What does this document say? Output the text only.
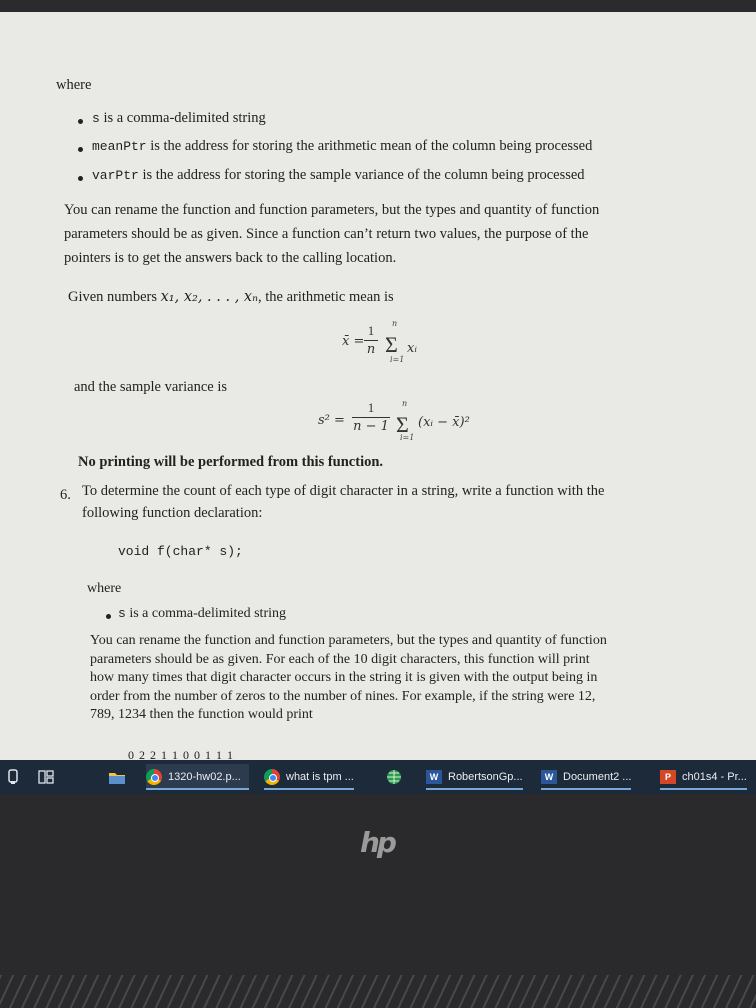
where
s is a comma-delimited string
meanPtr is the address for storing the arithmetic mean of the column being processed
varPtr is the address for storing the sample variance of the column being processed
You can rename the function and function parameters, but the types and quantity of function
parameters should be as given. Since a function can’t return two values, the purpose of the
pointers is to get the answers back to the calling location.
Given numbers x₁, x₂, . . . , xₙ, the arithmetic mean is
x̄ =
1
n Σ
n
i=1
xᵢ
and the sample variance is
s² =
1
n − 1 Σ
n
i=1
(xᵢ − x̄)²
No printing will be performed from this function.
6. To determine the count of each type of digit character in a string, write a function with the
following function declaration:
void f(char* s);
where
s is a comma-delimited string
You can rename the function and function parameters, but the types and quantity of function
parameters should be as given. For each of the 10 digit characters, this function will print
how many times that digit character occurs in the string it is given with the output being in
order from the number of zeros to the number of nines. For example, if the string were 12,
789, 1234 then the function would print
0 2 2 1 1 0 0 1 1 1
1320-hw02.p...	what is tpm ...	W RobertsonGp...	W Document2 ...	P	ch01s4 - Pr...
hp
